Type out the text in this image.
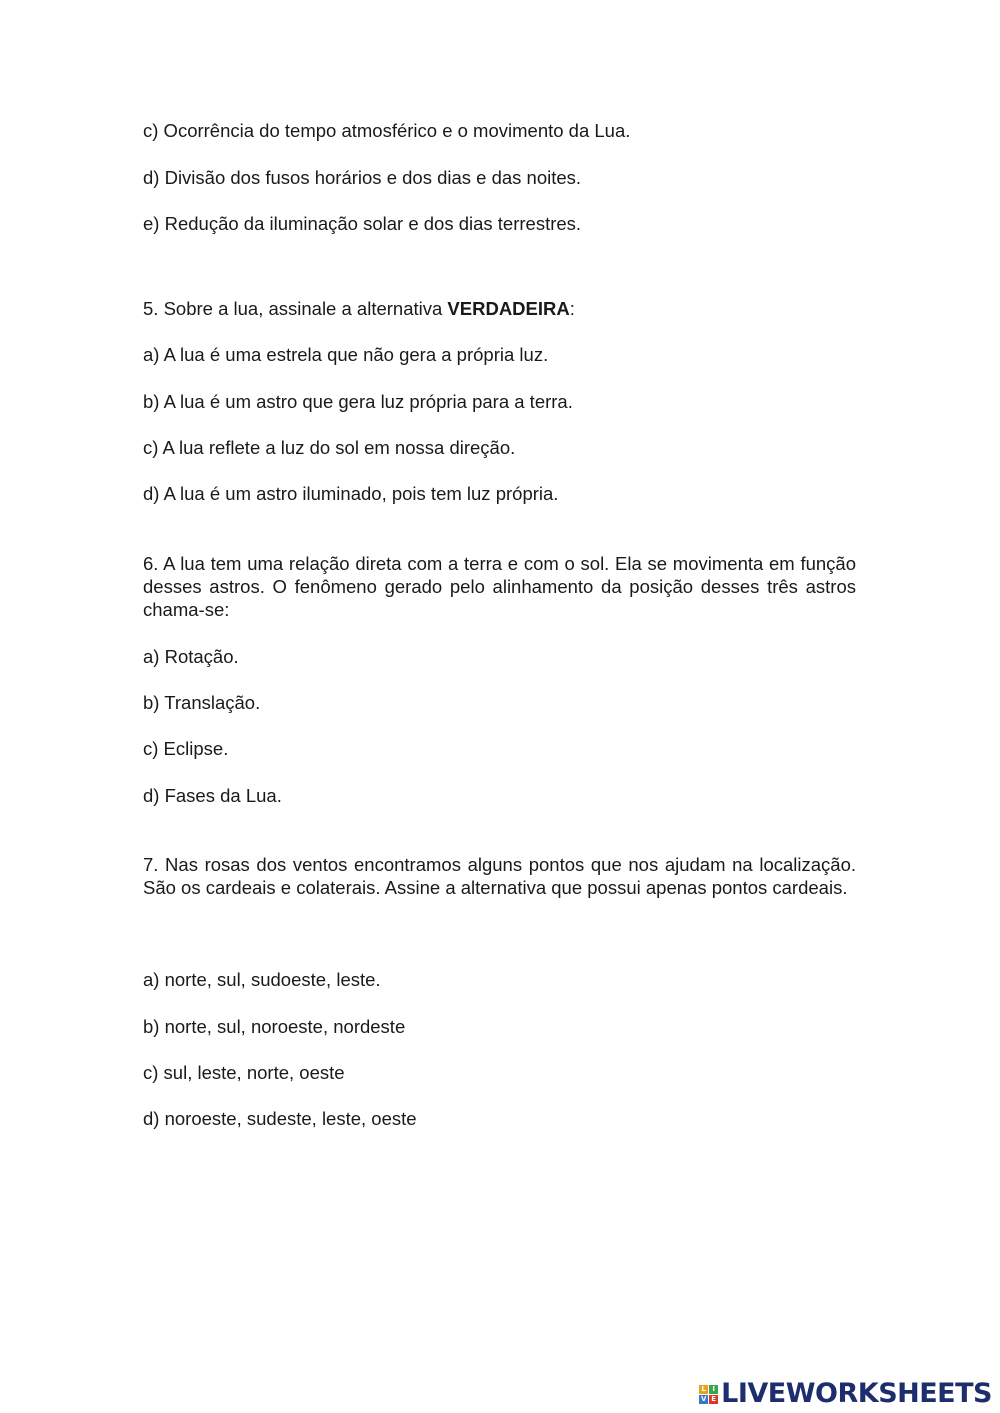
c) Ocorrência do tempo atmosférico e o movimento da Lua.
d) Divisão dos fusos horários e dos dias e das noites.
e) Redução da iluminação solar e dos dias terrestres.
5. Sobre a lua, assinale a alternativa VERDADEIRA:
a) A lua é uma estrela que não gera a própria luz.
b) A lua é um astro que gera luz própria para a terra.
c) A lua reflete a luz do sol em nossa direção.
d) A lua é um astro iluminado, pois tem luz própria.
6. A lua tem uma relação direta com a terra e com o sol. Ela se movimenta em função desses astros. O fenômeno gerado pelo alinhamento da posição desses três astros chama-se:
a) Rotação.
b) Translação.
c) Eclipse.
d) Fases da Lua.
7. Nas rosas dos ventos encontramos alguns pontos que nos ajudam na localização. São os cardeais e colaterais. Assine a alternativa que possui apenas pontos cardeais.
a) norte, sul, sudoeste, leste.
b) norte, sul, noroeste, nordeste
c) sul, leste, norte, oeste
d) noroeste, sudeste, leste, oeste
L I
V E LIVEWORKSHEETS
